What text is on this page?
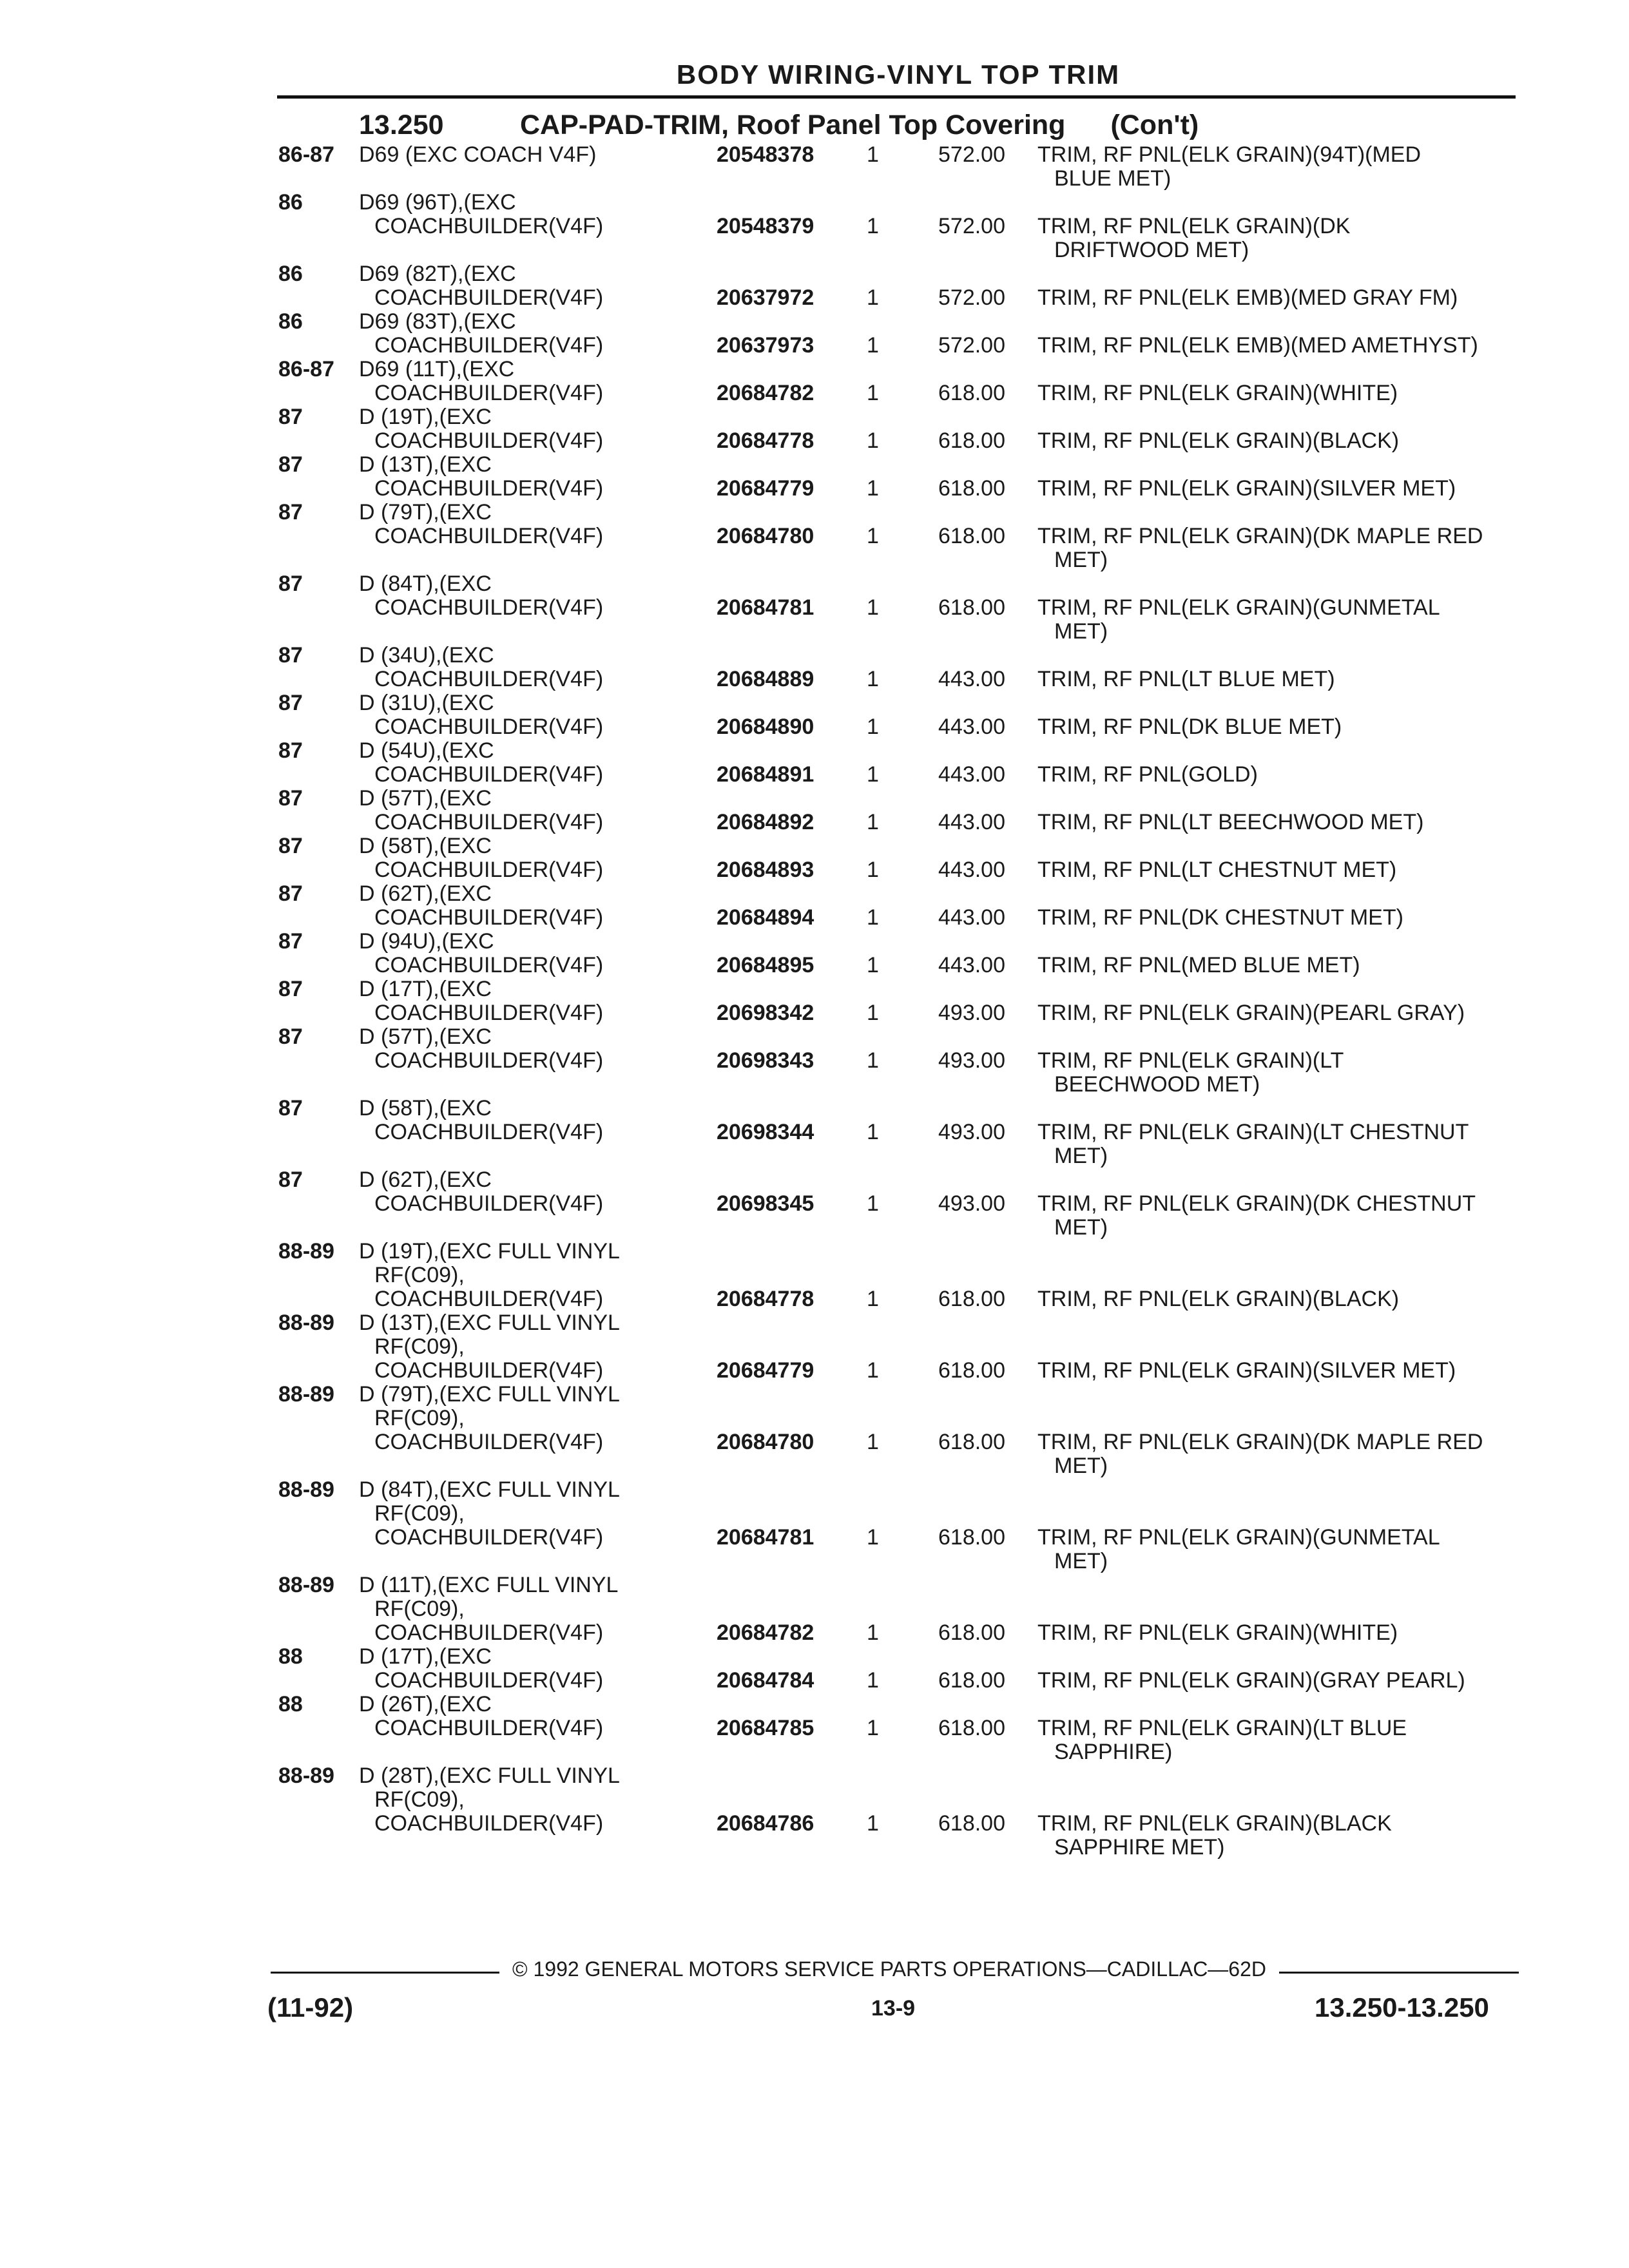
BODY WIRING-VINYL TOP TRIM
13.250	CAP-PAD-TRIM, Roof Panel Top Covering (Con't)
86-87 D69 (EXC COACH V4F)	20548378 1	572.00 TRIM, RF PNL(ELK GRAIN)(94T)(MED
BLUE MET)
86	D69 (96T),(EXC
COACHBUILDER(V4F)	20548379 1	572.00 TRIM, RF PNL(ELK GRAIN)(DK
DRIFTWOOD MET)
86	D69 (82T),(EXC
COACHBUILDER(V4F)	20637972 1	572.00 TRIM, RF PNL(ELK EMB)(MED GRAY FM)
86	D69 (83T),(EXC
COACHBUILDER(V4F)	20637973 1	572.00 TRIM, RF PNL(ELK EMB)(MED AMETHYST)
86-87 D69 (11T),(EXC
COACHBUILDER(V4F)	20684782 1	618.00 TRIM, RF PNL(ELK GRAIN)(WHITE)
87	D (19T),(EXC
COACHBUILDER(V4F)	20684778 1	618.00 TRIM, RF PNL(ELK GRAIN)(BLACK)
87	D (13T),(EXC
COACHBUILDER(V4F)	20684779 1	618.00 TRIM, RF PNL(ELK GRAIN)(SILVER MET)
87	D (79T),(EXC
COACHBUILDER(V4F)	20684780 1	618.00 TRIM, RF PNL(ELK GRAIN)(DK MAPLE RED
MET)
87	D (84T),(EXC
COACHBUILDER(V4F)	20684781 1	618.00 TRIM, RF PNL(ELK GRAIN)(GUNMETAL
MET)
87	D (34U),(EXC
COACHBUILDER(V4F)	20684889 1	443.00 TRIM, RF PNL(LT BLUE MET)
87	D (31U),(EXC
COACHBUILDER(V4F)	20684890 1	443.00 TRIM, RF PNL(DK BLUE MET)
87	D (54U),(EXC
COACHBUILDER(V4F)	20684891 1	443.00 TRIM, RF PNL(GOLD)
87	D (57T),(EXC
COACHBUILDER(V4F)	20684892 1	443.00 TRIM, RF PNL(LT BEECHWOOD MET)
87	D (58T),(EXC
COACHBUILDER(V4F)	20684893 1	443.00 TRIM, RF PNL(LT CHESTNUT MET)
87	D (62T),(EXC
COACHBUILDER(V4F)	20684894 1	443.00 TRIM, RF PNL(DK CHESTNUT MET)
87	D (94U),(EXC
COACHBUILDER(V4F)	20684895 1	443.00 TRIM, RF PNL(MED BLUE MET)
87	D (17T),(EXC
COACHBUILDER(V4F)	20698342 1	493.00 TRIM, RF PNL(ELK GRAIN)(PEARL GRAY)
87	D (57T),(EXC
COACHBUILDER(V4F)	20698343 1	493.00 TRIM, RF PNL(ELK GRAIN)(LT
BEECHWOOD MET)
87	D (58T),(EXC
COACHBUILDER(V4F)	20698344 1	493.00 TRIM, RF PNL(ELK GRAIN)(LT CHESTNUT
MET)
87	D (62T),(EXC
COACHBUILDER(V4F)	20698345 1	493.00 TRIM, RF PNL(ELK GRAIN)(DK CHESTNUT
MET)
88-89 D (19T),(EXC FULL VINYL
RF(C09),
COACHBUILDER(V4F)	20684778 1	618.00 TRIM, RF PNL(ELK GRAIN)(BLACK)
88-89 D (13T),(EXC FULL VINYL
RF(C09),
COACHBUILDER(V4F)	20684779 1	618.00 TRIM, RF PNL(ELK GRAIN)(SILVER MET)
88-89 D (79T),(EXC FULL VINYL
RF(C09),
COACHBUILDER(V4F)	20684780 1	618.00 TRIM, RF PNL(ELK GRAIN)(DK MAPLE RED
MET)
88-89 D (84T),(EXC FULL VINYL
RF(C09),
COACHBUILDER(V4F)	20684781 1	618.00 TRIM, RF PNL(ELK GRAIN)(GUNMETAL
MET)
88-89 D (11T),(EXC FULL VINYL
RF(C09),
COACHBUILDER(V4F)	20684782 1	618.00 TRIM, RF PNL(ELK GRAIN)(WHITE)
88	D (17T),(EXC
COACHBUILDER(V4F)	20684784 1	618.00 TRIM, RF PNL(ELK GRAIN)(GRAY PEARL)
88	D (26T),(EXC
COACHBUILDER(V4F)	20684785 1	618.00 TRIM, RF PNL(ELK GRAIN)(LT BLUE
SAPPHIRE)
88-89 D (28T),(EXC FULL VINYL
RF(C09),
COACHBUILDER(V4F)	20684786 1	618.00 TRIM, RF PNL(ELK GRAIN)(BLACK
SAPPHIRE MET)
© 1992 GENERAL MOTORS SERVICE PARTS OPERATIONS—CADILLAC—62D
(11-92)	13-9	13.250-13.250
